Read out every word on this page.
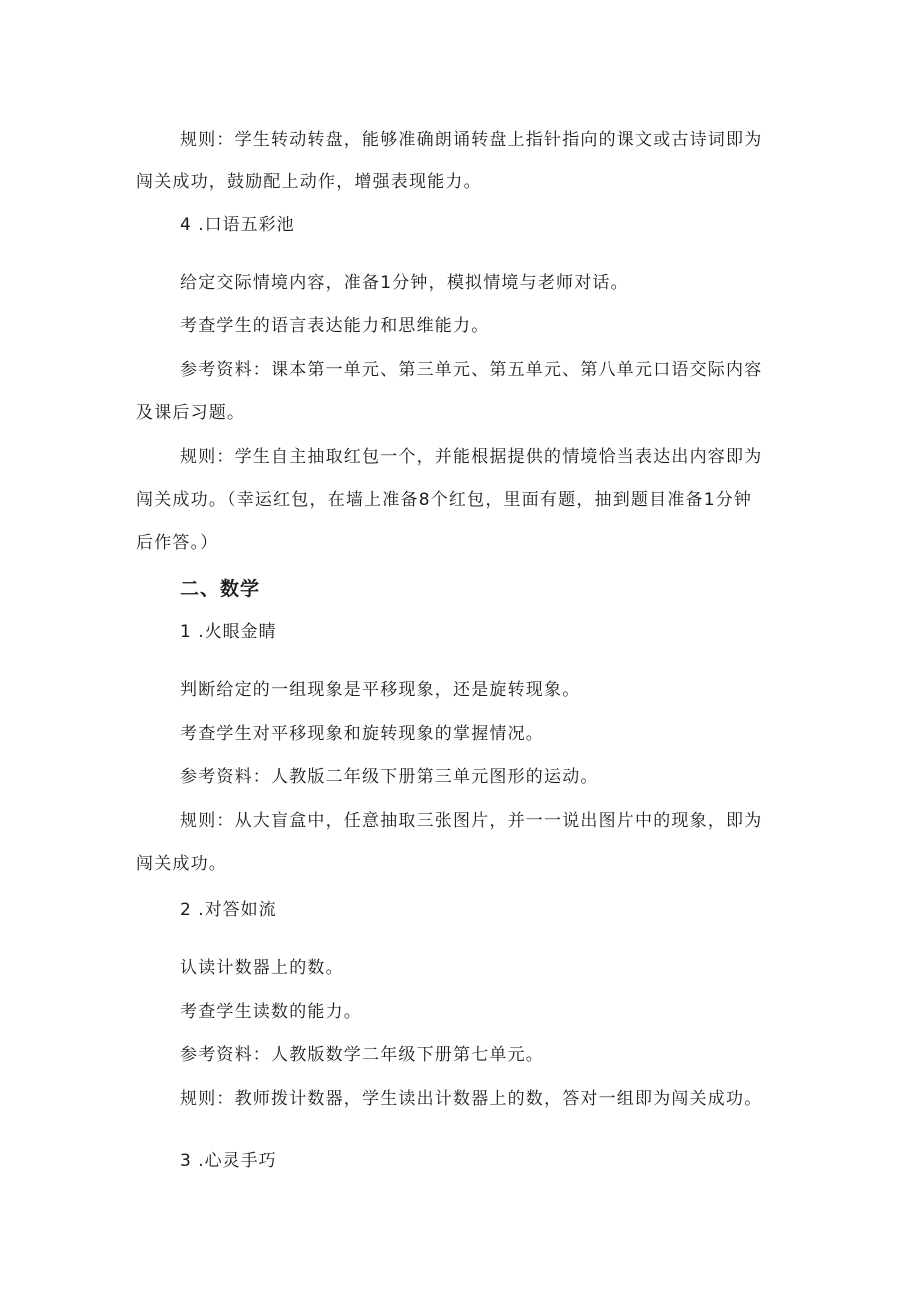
规则：学生转动转盘，能够准确朗诵转盘上指针指向的课文或古诗词即为
闯关成功，鼓励配上动作，增强表现能力。
4 .口语五彩池
给定交际情境内容，准备1分钟，模拟情境与老师对话。
考查学生的语言表达能力和思维能力。
参考资料：课本第一单元、第三单元、第五单元、第八单元口语交际内容
及课后习题。
规则：学生自主抽取红包一个，并能根据提供的情境恰当表达出内容即为
闯关成功。（幸运红包，在墙上准备8个红包，里面有题，抽到题目准备1分钟
后作答。）
二、数学
1 .火眼金睛
判断给定的一组现象是平移现象，还是旋转现象。
考查学生对平移现象和旋转现象的掌握情况。
参考资料：人教版二年级下册第三单元图形的运动。
规则：从大盲盒中，任意抽取三张图片，并一一说出图片中的现象，即为
闯关成功。
2 .对答如流
认读计数器上的数。
考查学生读数的能力。
参考资料：人教版数学二年级下册第七单元。
规则：教师拨计数器，学生读出计数器上的数，答对一组即为闯关成功。
3 .心灵手巧
